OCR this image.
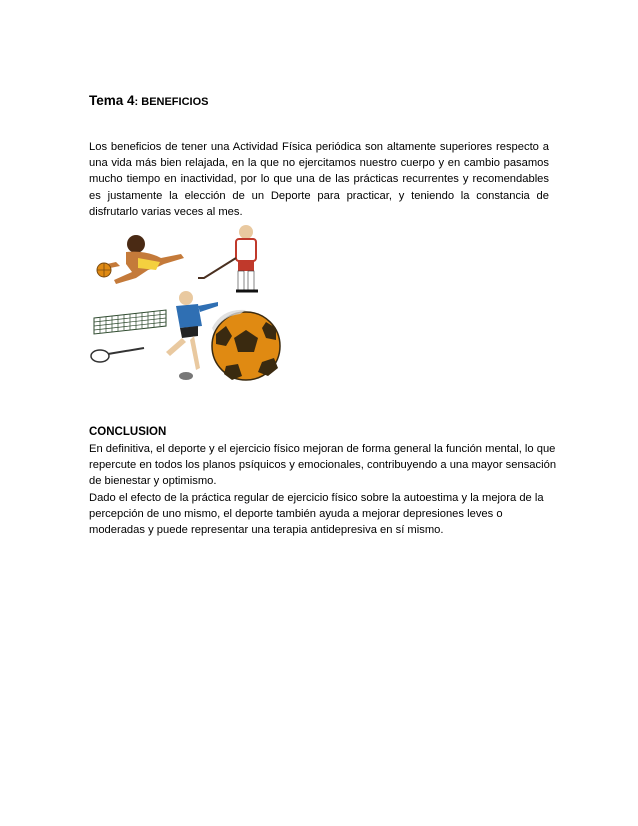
Tema 4: BENEFICIOS
Los beneficios de tener una Actividad Física periódica son altamente superiores respecto a una vida más bien relajada, en la que no ejercitamos nuestro cuerpo y en cambio pasamos mucho tiempo en inactividad, por lo que una de las prácticas recurrentes y recomendables es justamente la elección de un Deporte para practicar, y teniendo la constancia de disfrutarlo varias veces al mes.
CONCLUSION

En definitiva, el deporte y el ejercicio físico mejoran de forma general la función mental, lo que repercute en todos los planos psíquicos y emocionales, contribuyendo a una mayor sensación de bienestar y optimismo.

Dado el efecto de la práctica regular de ejercicio físico sobre la autoestima y la mejora de la percepción de uno mismo, el deporte también ayuda a mejorar depresiones leves o moderadas y puede representar una terapia antidepresiva en sí mismo.
